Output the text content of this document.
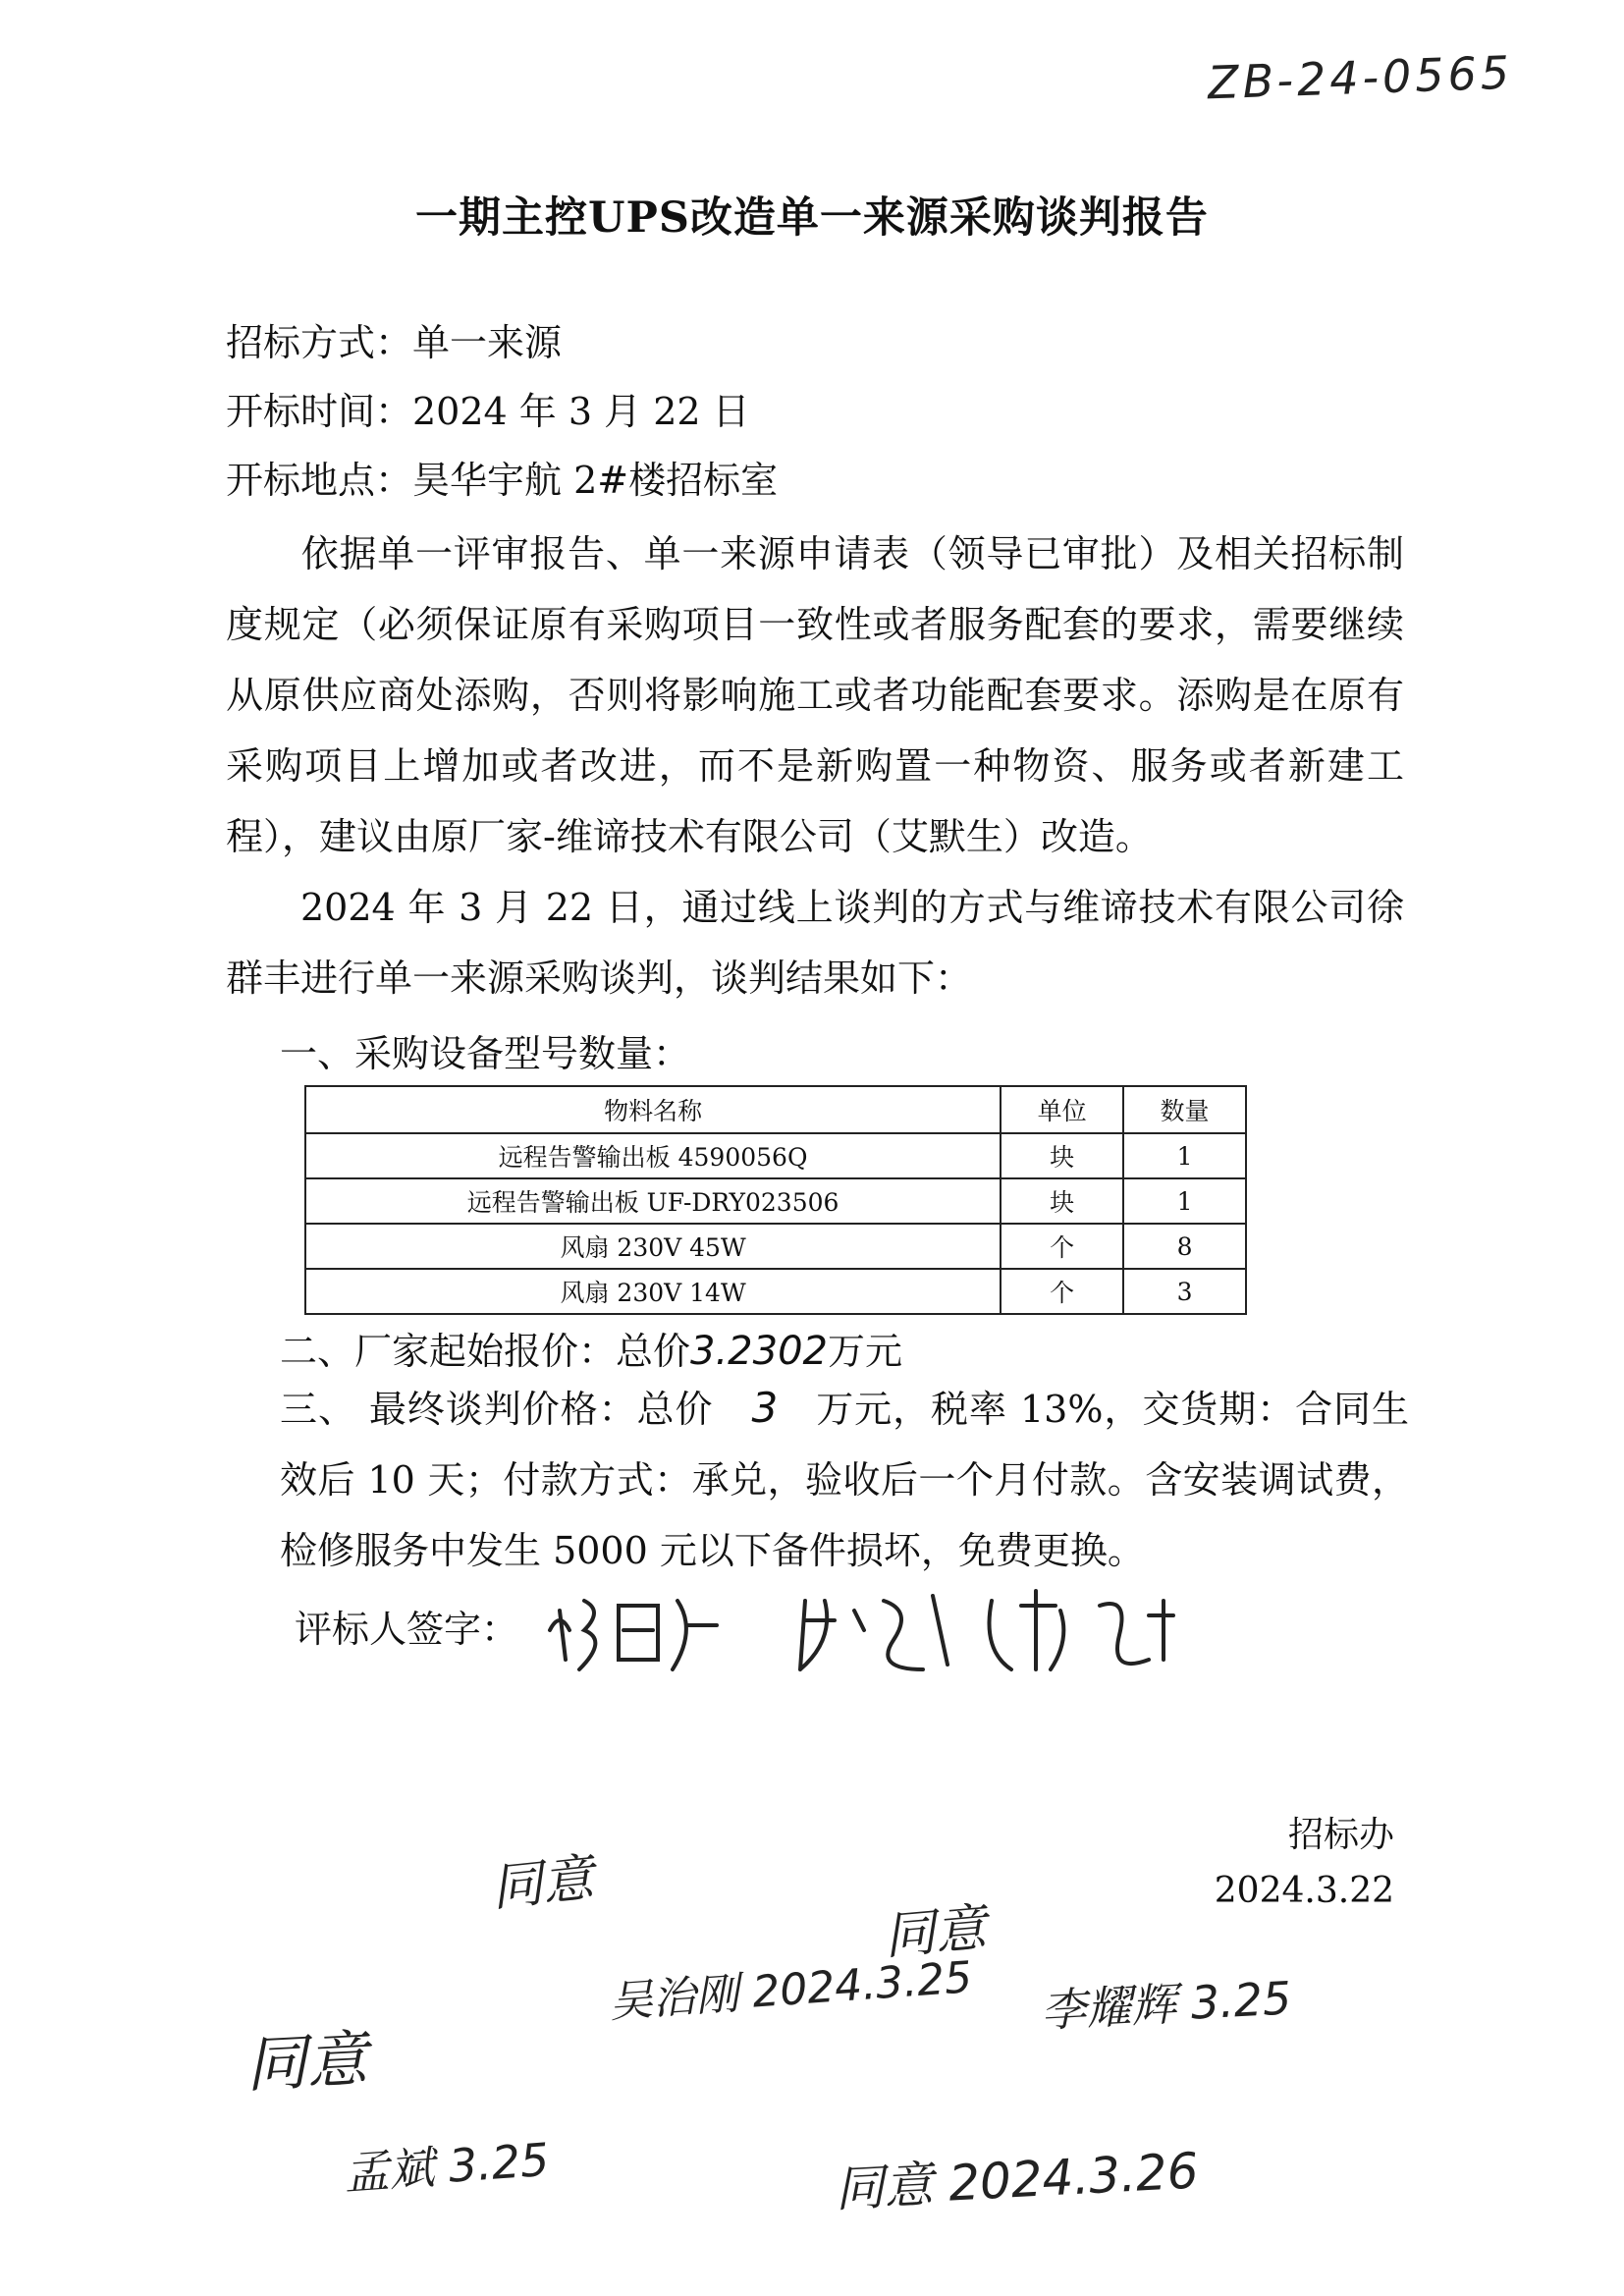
ZB-24-0565
一期主控UPS改造单一来源采购谈判报告
招标方式：单一来源
开标时间：2024 年 3 月 22 日
开标地点：昊华宇航 2#楼招标室
依据单一评审报告、单一来源申请表（领导已审批）及相关招标制度规定（必须保证原有采购项目一致性或者服务配套的要求，需要继续从原供应商处添购，否则将影响施工或者功能配套要求。添购是在原有采购项目上增加或者改进，而不是新购置一种物资、服务或者新建工程），建议由原厂家-维谛技术有限公司（艾默生）改造。
2024 年 3 月 22 日，通过线上谈判的方式与维谛技术有限公司徐群丰进行单一来源采购谈判，谈判结果如下：
一、采购设备型号数量：
物料名称	单位	数量
远程告警输出板 4590056Q	块	1
远程告警输出板 UF-DRY023506	块	1
风扇 230V 45W	个	8
风扇 230V 14W	个	3
二、厂家起始报价：总价3.2302万元
三、 最终谈判价格：总价 3 万元，税率 13%，交货期：合同生效后 10 天；付款方式：承兑，验收后一个月付款。含安装调试费，检修服务中发生 5000 元以下备件损坏，免费更换。
评标人签字：
招标办
2024.3.22
同意
吴治刚 2024.3.25
同意
李耀辉 3.25
同意
孟斌 3.25	同意 2024.3.26
